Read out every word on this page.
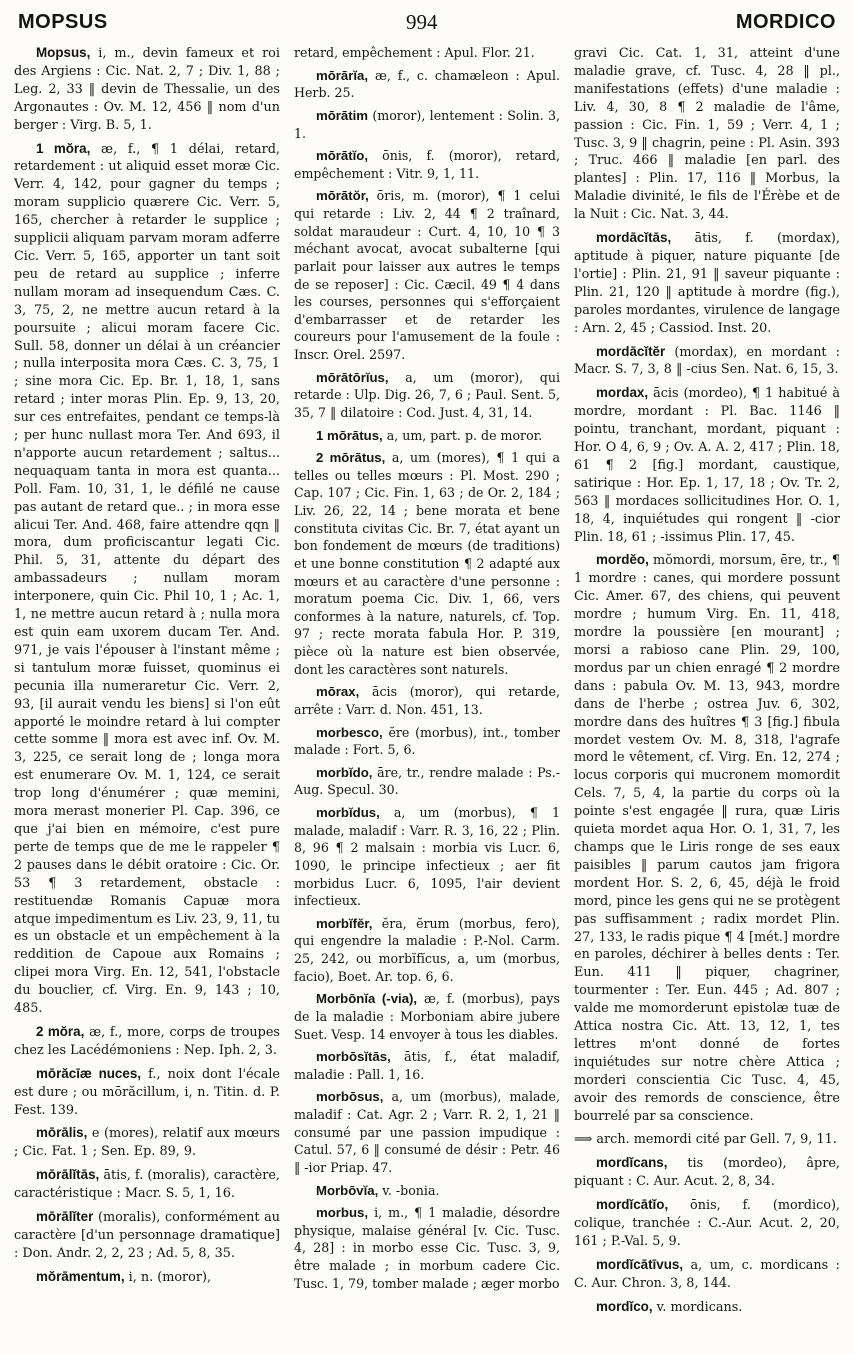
MOPSUS	994	MORDICO

Mopsus, i, m., devin fameux et roi des Argiens : Cic. Nat. 2, 7 ; Div. 1, 88 ; Leg. 2, 33 ‖ devin de Thessalie, un des Argonautes : Ov. M. 12, 456 ‖ nom d'un berger : Virg. B. 5, 1.

1 mŏra, æ, f., ¶ 1 délai, retard, retardement : ut aliquid esset moræ Cic. Verr. 4, 142, pour gagner du temps ; moram supplicio quærere Cic. Verr. 5, 165, chercher à retarder le supplice ; supplicii aliquam parvam moram adferre Cic. Verr. 5, 165, apporter un tant soit peu de retard au supplice ; inferre nullam moram ad insequendum Cæs. C. 3, 75, 2, ne mettre aucun retard à la poursuite ; alicui moram facere Cic. Sull. 58, donner un délai à un créancier ; nulla interposita mora Cæs. C. 3, 75, 1 ; sine mora Cic. Ep. Br. 1, 18, 1, sans retard ; inter moras Plin. Ep. 9, 13, 20, sur ces entrefaites, pendant ce temps-là ; per hunc nullast mora Ter. And 693, il n'apporte aucun retardement ; saltus... nequaquam tanta in mora est quanta... Poll. Fam. 10, 31, 1, le défilé ne cause pas autant de retard que.. ; in mora esse alicui Ter. And. 468, faire attendre qqn ‖ mora, dum proficiscantur legati Cic. Phil. 5, 31, attente du départ des ambassadeurs ; nullam moram interponere, quin Cic. Phil 10, 1 ; Ac. 1, 1, ne mettre aucun retard à ; nulla mora est quin eam uxorem ducam Ter. And. 971, je vais l'épouser à l'instant même ; si tantulum moræ fuisset, quominus ei pecunia illa numeraretur Cic. Verr. 2, 93, [il aurait vendu les biens] si l'on eût apporté le moindre retard à lui compter cette somme ‖ mora est avec inf. Ov. M. 3, 225, ce serait long de ; longa mora est enumerare Ov. M. 1, 124, ce serait trop long d'énumérer ; quæ memini, mora merast monerier Pl. Cap. 396, ce que j'ai bien en mémoire, c'est pure perte de temps que de me le rappeler ¶ 2 pauses dans le débit oratoire : Cic. Or. 53 ¶ 3 retardement, obstacle : restituendæ Romanis Capuæ mora atque impedimentum es Liv. 23, 9, 11, tu es un obstacle et un empêchement à la reddition de Capoue aux Romains ; clipei mora Virg. En. 12, 541, l'obstacle du bouclier, cf. Virg. En. 9, 143 ; 10, 485.

2 mŏra, æ, f., more, corps de troupes chez les Lacédémoniens : Nep. Iph. 2, 3.

mōrăcīæ nuces, f., noix dont l'écale est dure ; ou mōrăcillum, i, n. Titin. d. P. Fest. 139.

mōrālis, e (mores), relatif aux mœurs ; Cic. Fat. 1 ; Sen. Ep. 89, 9.

mōrālĭtās, ātis, f. (moralis), caractère, caractéristique : Macr. S. 5, 1, 16.

mōrālĭter (moralis), conformément au caractère [d'un personnage dramatique] : Don. Andr. 2, 2, 23 ; Ad. 5, 8, 35.

mŏrāmentum, i, n. (moror),

retard, empêchement : Apul. Flor. 21.

mōrārĭa, æ, f., c. chamæleon : Apul. Herb. 25.

mōrātim (moror), lentement : Solin. 3, 1.

mōrātĭo, ōnis, f. (moror), retard, empêchement : Vitr. 9, 1, 11.

mōrātŏr, ōris, m. (moror), ¶ 1 celui qui retarde : Liv. 2, 44 ¶ 2 traînard, soldat maraudeur : Curt. 4, 10, 10 ¶ 3 méchant avocat, avocat subalterne [qui parlait pour laisser aux autres le temps de se reposer] : Cic. Cæcil. 49 ¶ 4 dans les courses, personnes qui s'efforçaient d'embarrasser et de retarder les coureurs pour l'amusement de la foule : Inscr. Orel. 2597.

mōrātōrĭus, a, um (moror), qui retarde : Ulp. Dig. 26, 7, 6 ; Paul. Sent. 5, 35, 7 ‖ dilatoire : Cod. Just. 4, 31, 14.

1 mōrātus, a, um, part. p. de moror.

2 mōrātus, a, um (mores), ¶ 1 qui a telles ou telles mœurs : Pl. Most. 290 ; Cap. 107 ; Cic. Fin. 1, 63 ; de Or. 2, 184 ; Liv. 26, 22, 14 ; bene morata et bene constituta civitas Cic. Br. 7, état ayant un bon fondement de mœurs (de traditions) et une bonne constitution ¶ 2 adapté aux mœurs et au caractère d'une personne : moratum poema Cic. Div. 1, 66, vers conformes à la nature, naturels, cf. Top. 97 ; recte morata fabula Hor. P. 319, pièce où la nature est bien observée, dont les caractères sont naturels.

mōrax, ācis (moror), qui retarde, arrête : Varr. d. Non. 451, 13.

morbesco, ĕre (morbus), int., tomber malade : Fort. 5, 6.

morbĭdo, āre, tr., rendre malade : Ps.-Aug. Specul. 30.

morbĭdus, a, um (morbus), ¶ 1 malade, maladif : Varr. R. 3, 16, 22 ; Plin. 8, 96 ¶ 2 malsain : morbia vis Lucr. 6, 1090, le principe infectieux ; aer fit morbidus Lucr. 6, 1095, l'air devient infectieux.

morbĭfĕr, ĕra, ĕrum (morbus, fero), qui engendre la maladie : P.-Nol. Carm. 25, 242, ou morbĭfĭcus, a, um (morbus, facio), Boet. Ar. top. 6, 6.

Morbōnĭa (-via), æ, f. (morbus), pays de la maladie : Morboniam abire jubere Suet. Vesp. 14 envoyer à tous les diables.

morbōsĭtās, ātis, f., état maladif, maladie : Pall. 1, 16.

morbōsus, a, um (morbus), malade, maladif : Cat. Agr. 2 ; Varr. R. 2, 1, 21 ‖ consumé par une passion impudique : Catul. 57, 6 ‖ consumé de désir : Petr. 46 ‖ -ior Priap. 47.

Morbōvĭa, v. -bonia.

morbus, i, m., ¶ 1 maladie, désordre physique, malaise général [v. Cic. Tusc. 4, 28] : in morbo esse Cic. Tusc. 3, 9, être malade ; in morbum cadere Cic. Tusc. 1, 79, tomber malade ; æger morbo

gravi Cic. Cat. 1, 31, atteint d'une maladie grave, cf. Tusc. 4, 28 ‖ pl., manifestations (effets) d'une maladie : Liv. 4, 30, 8 ¶ 2 maladie de l'âme, passion : Cic. Fin. 1, 59 ; Verr. 4, 1 ; Tusc. 3, 9 ‖ chagrin, peine : Pl. Asin. 393 ; Truc. 466 ‖ maladie [en parl. des plantes] : Plin. 17, 116 ‖ Morbus, la Maladie divinité, le fils de l'Érèbe et de la Nuit : Cic. Nat. 3, 44.

mordācĭtās, ātis, f. (mordax), aptitude à piquer, nature piquante [de l'ortie] : Plin. 21, 91 ‖ saveur piquante : Plin. 21, 120 ‖ aptitude à mordre (fig.), paroles mordantes, virulence de langage : Arn. 2, 45 ; Cassiod. Inst. 20.

mordācĭtĕr (mordax), en mordant : Macr. S. 7, 3, 8 ‖ -cius Sen. Nat. 6, 15, 3.

mordax, ācis (mordeo), ¶ 1 habitué à mordre, mordant : Pl. Bac. 1146 ‖ pointu, tranchant, mordant, piquant : Hor. O 4, 6, 9 ; Ov. A. A. 2, 417 ; Plin. 18, 61 ¶ 2 [fig.] mordant, caustique, satirique : Hor. Ep. 1, 17, 18 ; Ov. Tr. 2, 563 ‖ mordaces sollicitudines Hor. O. 1, 18, 4, inquiétudes qui rongent ‖ -cior Plin. 18, 61 ; -issimus Plin. 17, 45.

mordĕo, mŏmordi, morsum, ēre, tr., ¶ 1 mordre : canes, qui mordere possunt Cic. Amer. 67, des chiens, qui peuvent mordre ; humum Virg. En. 11, 418, mordre la poussière [en mourant] ; morsi a rabioso cane Plin. 29, 100, mordus par un chien enragé ¶ 2 mordre dans : pabula Ov. M. 13, 943, mordre dans de l'herbe ; ostrea Juv. 6, 302, mordre dans des huîtres ¶ 3 [fig.] fibula mordet vestem Ov. M. 8, 318, l'agrafe mord le vêtement, cf. Virg. En. 12, 274 ; locus corporis qui mucronem momordit Cels. 7, 5, 4, la partie du corps où la pointe s'est engagée ‖ rura, quæ Liris quieta mordet aqua Hor. O. 1, 31, 7, les champs que le Liris ronge de ses eaux paisibles ‖ parum cautos jam frigora mordent Hor. S. 2, 6, 45, déjà le froid mord, pince les gens qui ne se protègent pas suffisamment ; radix mordet Plin. 27, 133, le radis pique ¶ 4 [mét.] mordre en paroles, déchirer à belles dents : Ter. Eun. 411 ‖ piquer, chagriner, tourmenter : Ter. Eun. 445 ; Ad. 807 ; valde me momorderunt epistolæ tuæ de Attica nostra Cic. Att. 13, 12, 1, tes lettres m'ont donné de fortes inquiétudes sur notre chère Attica ; morderi conscientia Cic Tusc. 4, 45, avoir des remords de conscience, être bourrelé par sa conscience.

⟹ arch. memordi cité par Gell. 7, 9, 11.

mordĭcans, tis (mordeo), âpre, piquant : C. Aur. Acut. 2, 8, 34.

mordĭcātĭo, ōnis, f. (mordico), colique, tranchée : C.-Aur. Acut. 2, 20, 161 ; P.-Val. 5, 9.

mordĭcātīvus, a, um, c. mordicans : C. Aur. Chron. 3, 8, 144.

mordĭco, v. mordicans.
